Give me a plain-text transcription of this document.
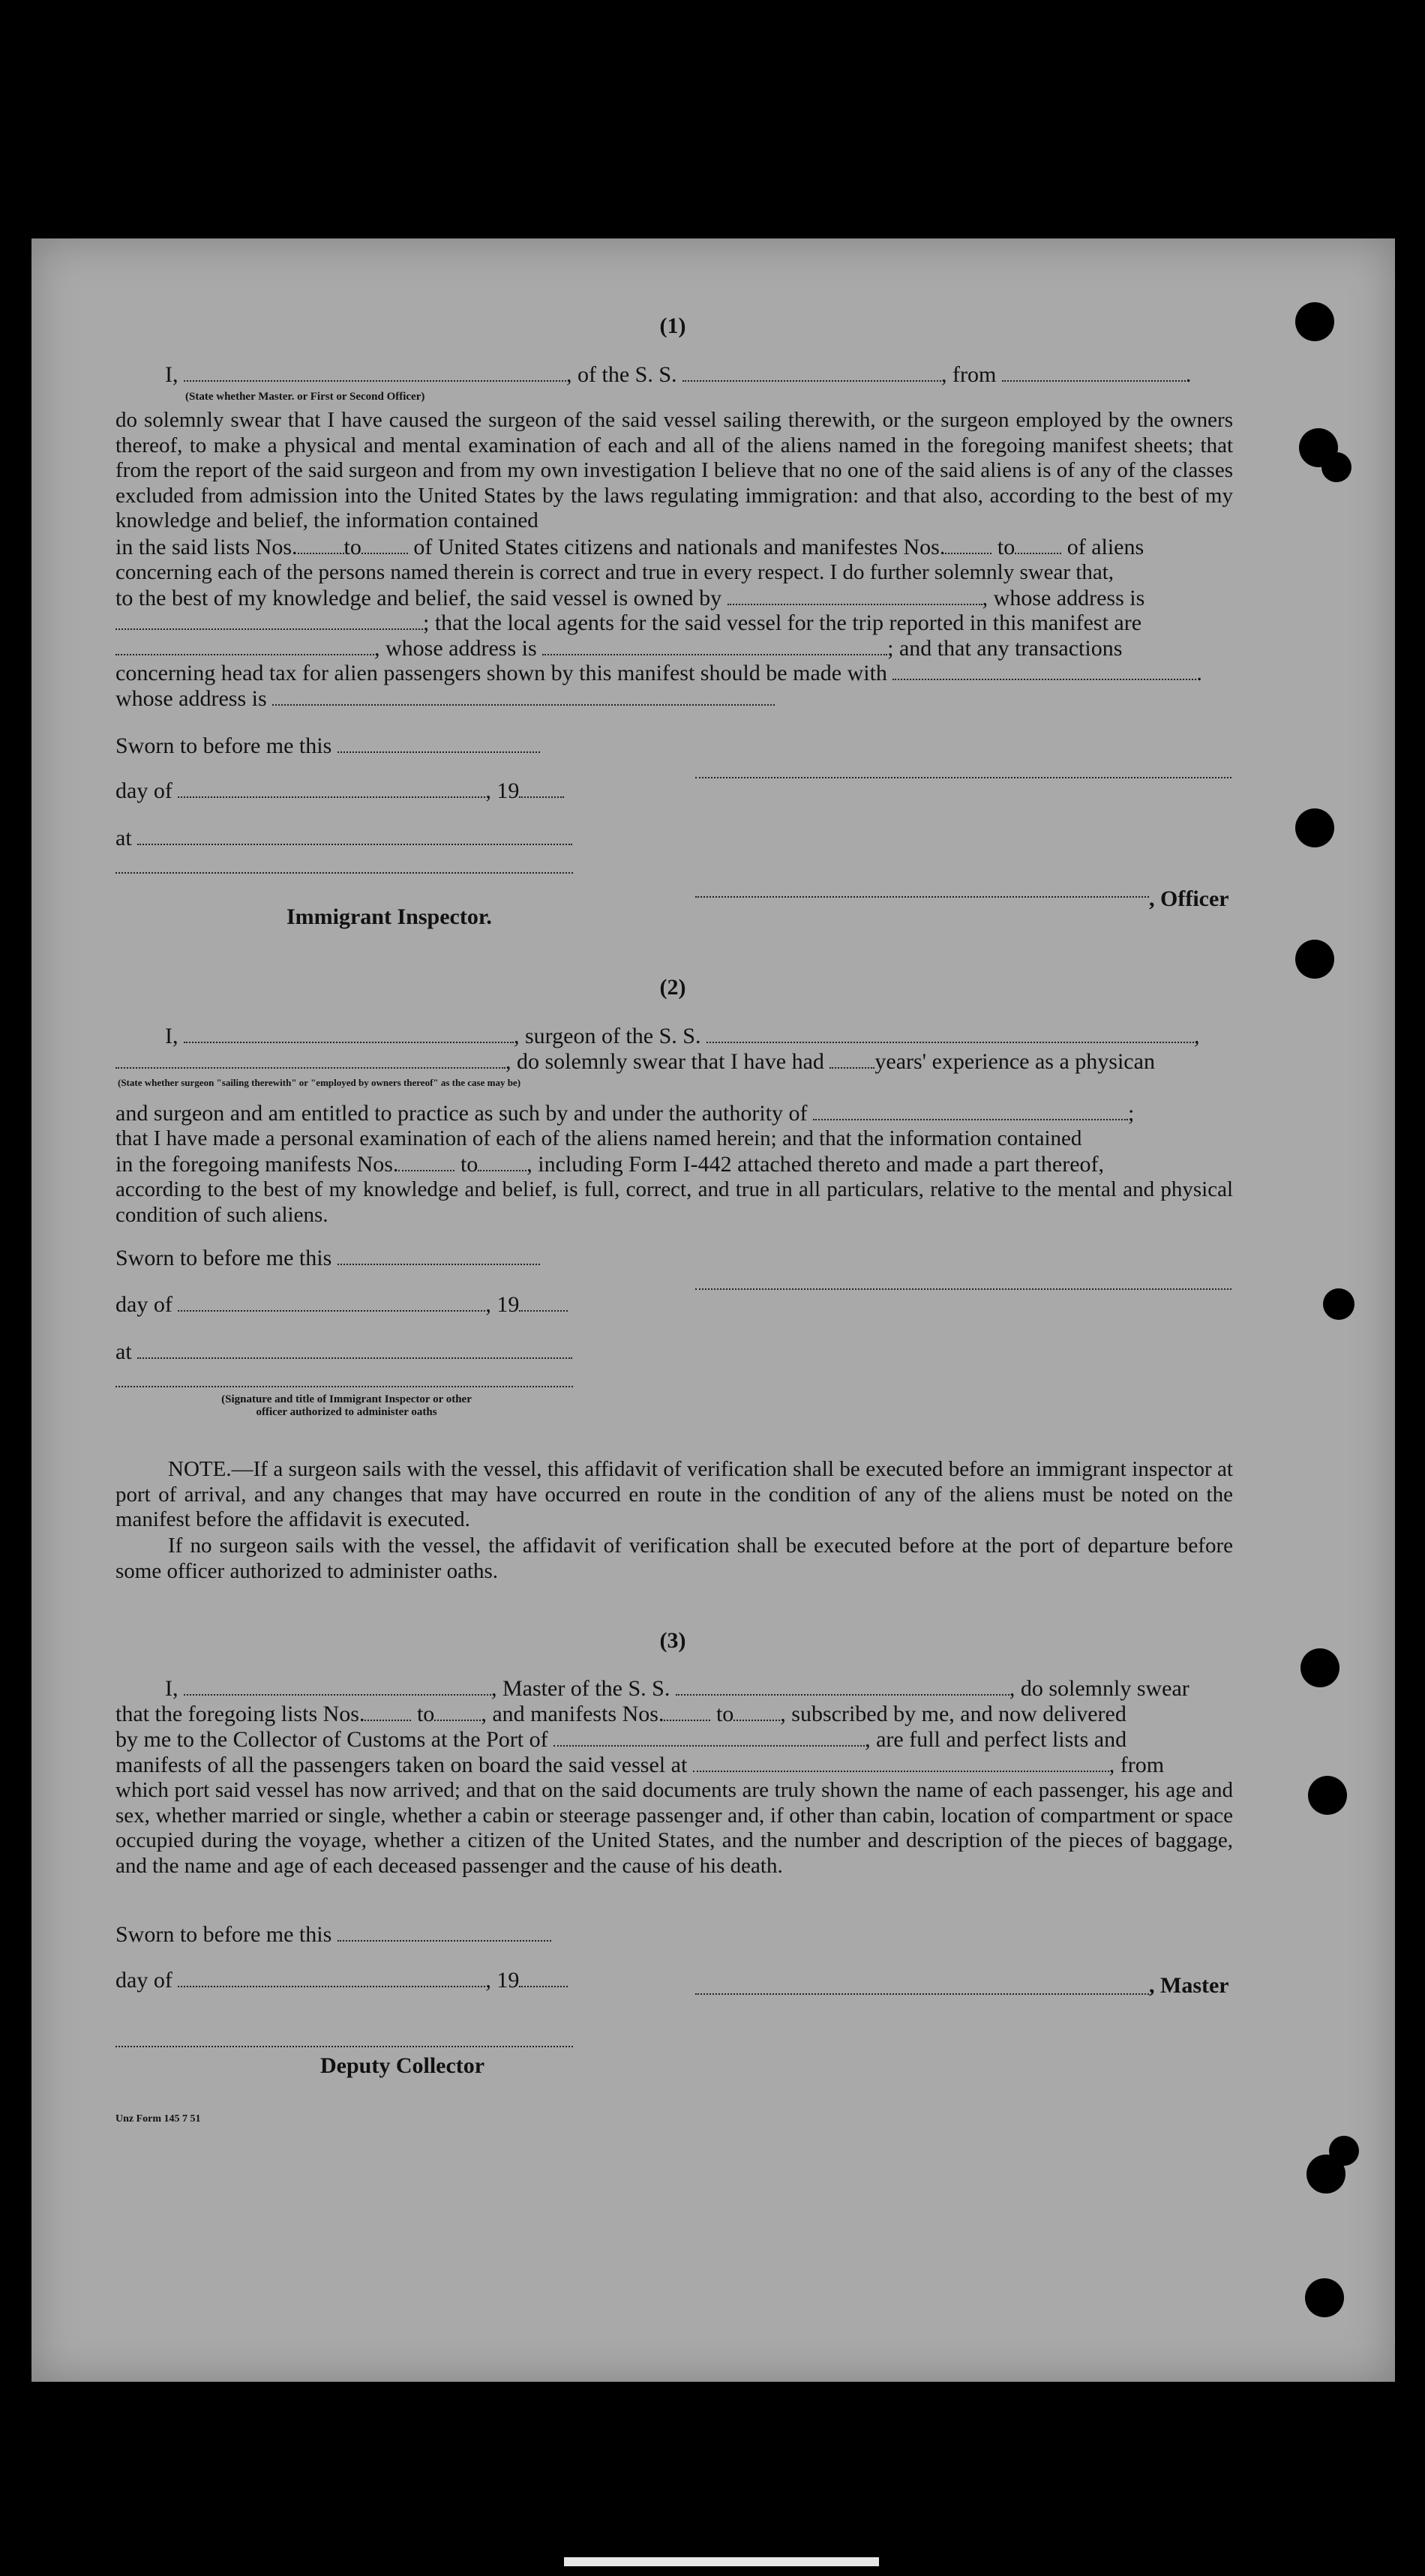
(1)
I,	, of the S. S.	, from	.
(State whether Master. or First or Second Officer)
do solemnly swear that I have caused the surgeon of the said vessel sailing therewith, or the surgeon employed by the owners thereof, to make a physical and mental examination of each and all of the aliens named in the foregoing manifest sheets; that from the report of the said surgeon and from my own investigation I believe that no one of the said aliens is of any of the classes excluded from admission into the United States by the laws regulating immigration: and that also, according to the best of my knowledge and belief, the information contained
in the said lists Nos. to of United States citizens and nationals and manifestes Nos. to of aliens
concerning each of the persons named therein is correct and true in every respect. I do further solemnly swear that,
to the best of my knowledge and belief, the said vessel is owned by	, whose address is
; that the local agents for the said vessel for the trip reported in this manifest are
, whose address is	; and that any transactions
concerning head tax for alien passengers shown by this manifest should be made with	.
whose address is
Sworn to before me this
day of	, 19
at
Immigrant Inspector.
, Officer
(2)
I,	, surgeon of the S. S.	,
, do solemnly swear that I have had years' experience as a physican
(State whether surgeon "sailing therewith" or "employed by owners thereof" as the case may be)
and surgeon and am entitled to practice as such by and under the authority of	;
that I have made a personal examination of each of the aliens named herein; and that the information contained
in the foregoing manifests Nos.	to , including Form I-442 attached thereto and made a part thereof,
according to the best of my knowledge and belief, is full, correct, and true in all particulars, relative to the mental and physical condition of such aliens.
Sworn to before me this
day of	, 19
at
(Signature and title of Immigrant Inspector or other
officer authorized to administer oaths
NOTE.—If a surgeon sails with the vessel, this affidavit of verification shall be executed before an immigrant inspector at port of arrival, and any changes that may have occurred en route in the condition of any of the aliens must be noted on the manifest before the affidavit is executed.
If no surgeon sails with the vessel, the affidavit of verification shall be executed before at the port of departure before some officer authorized to administer oaths.
(3)
I,	, Master of the S. S.	, do solemnly swear
that the foregoing lists Nos. to , and manifests Nos. to , subscribed by me, and now delivered
by me to the Collector of Customs at the Port of	, are full and perfect lists and
manifests of all the passengers taken on board the said vessel at	, from
which port said vessel has now arrived; and that on the said documents are truly shown the name of each passenger, his age and sex, whether married or single, whether a cabin or steerage passenger and, if other than cabin, location of compartment or space occupied during the voyage, whether a citizen of the United States, and the number and description of the pieces of baggage, and the name and age of each deceased passenger and the cause of his death.
Sworn to before me this
day of	, 19	, Master
Deputy Collector
Unz Form 145 7 51
